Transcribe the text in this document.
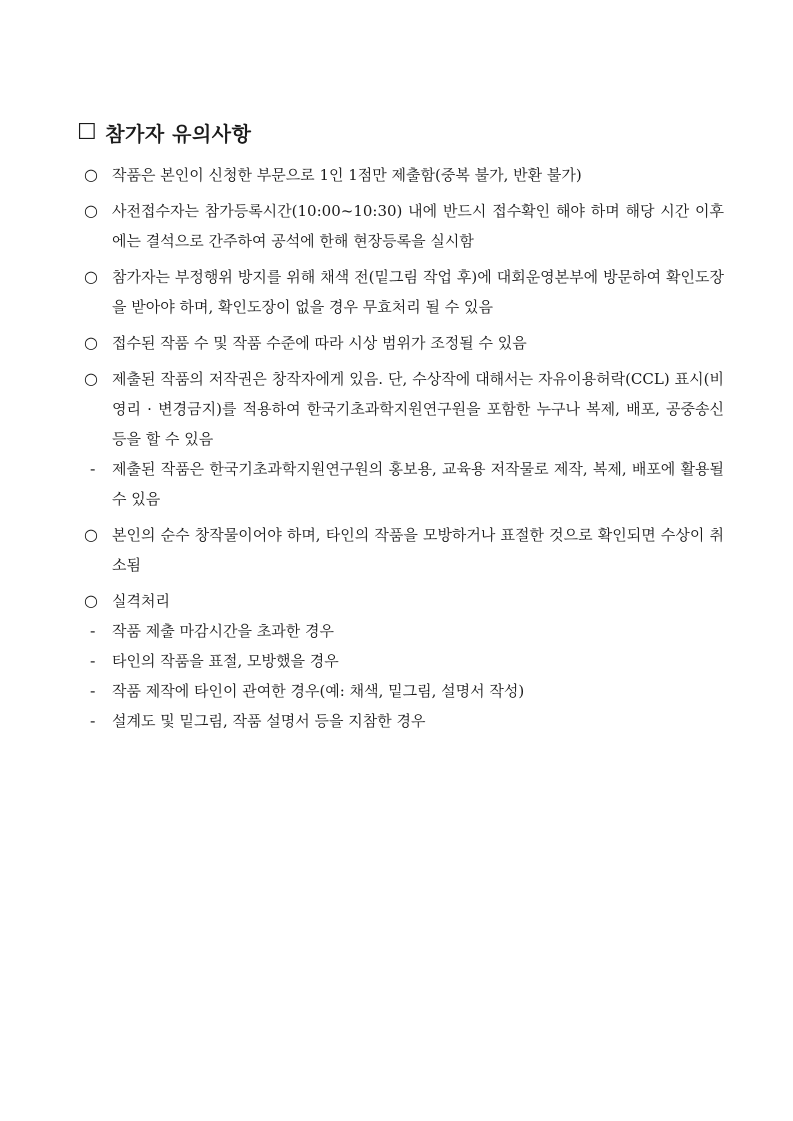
☐ 참가자 유의사항
○ 작품은 본인이 신청한 부문으로 1인 1점만 제출함(중복 불가, 반환 불가)
○ 사전접수자는 참가등록시간(10:00~10:30) 내에 반드시 접수확인 해야 하며 해당 시간 이후에는 결석으로 간주하여 공석에 한해 현장등록을 실시함
○ 참가자는 부정행위 방지를 위해 채색 전(밑그림 작업 후)에 대회운영본부에 방문하여 확인도장을 받아야 하며, 확인도장이 없을 경우 무효처리 될 수 있음
○ 접수된 작품 수 및 작품 수준에 따라 시상 범위가 조정될 수 있음
○ 제출된 작품의 저작권은 창작자에게 있음. 단, 수상작에 대해서는 자유이용허락(CCL) 표시(비영리 · 변경금지)를 적용하여 한국기초과학지원연구원을 포함한 누구나 복제, 배포, 공중송신 등을 할 수 있음
-	제출된 작품은 한국기초과학지원연구원의 홍보용, 교육용 저작물로 제작, 복제, 배포에 활용될 수 있음
○ 본인의 순수 창작물이어야 하며, 타인의 작품을 모방하거나 표절한 것으로 확인되면 수상이 취소됨
○ 실격처리
-	작품 제출 마감시간을 초과한 경우
-	타인의 작품을 표절, 모방했을 경우
-	작품 제작에 타인이 관여한 경우(예: 채색, 밑그림, 설명서 작성)
-	설계도 및 밑그림, 작품 설명서 등을 지참한 경우
